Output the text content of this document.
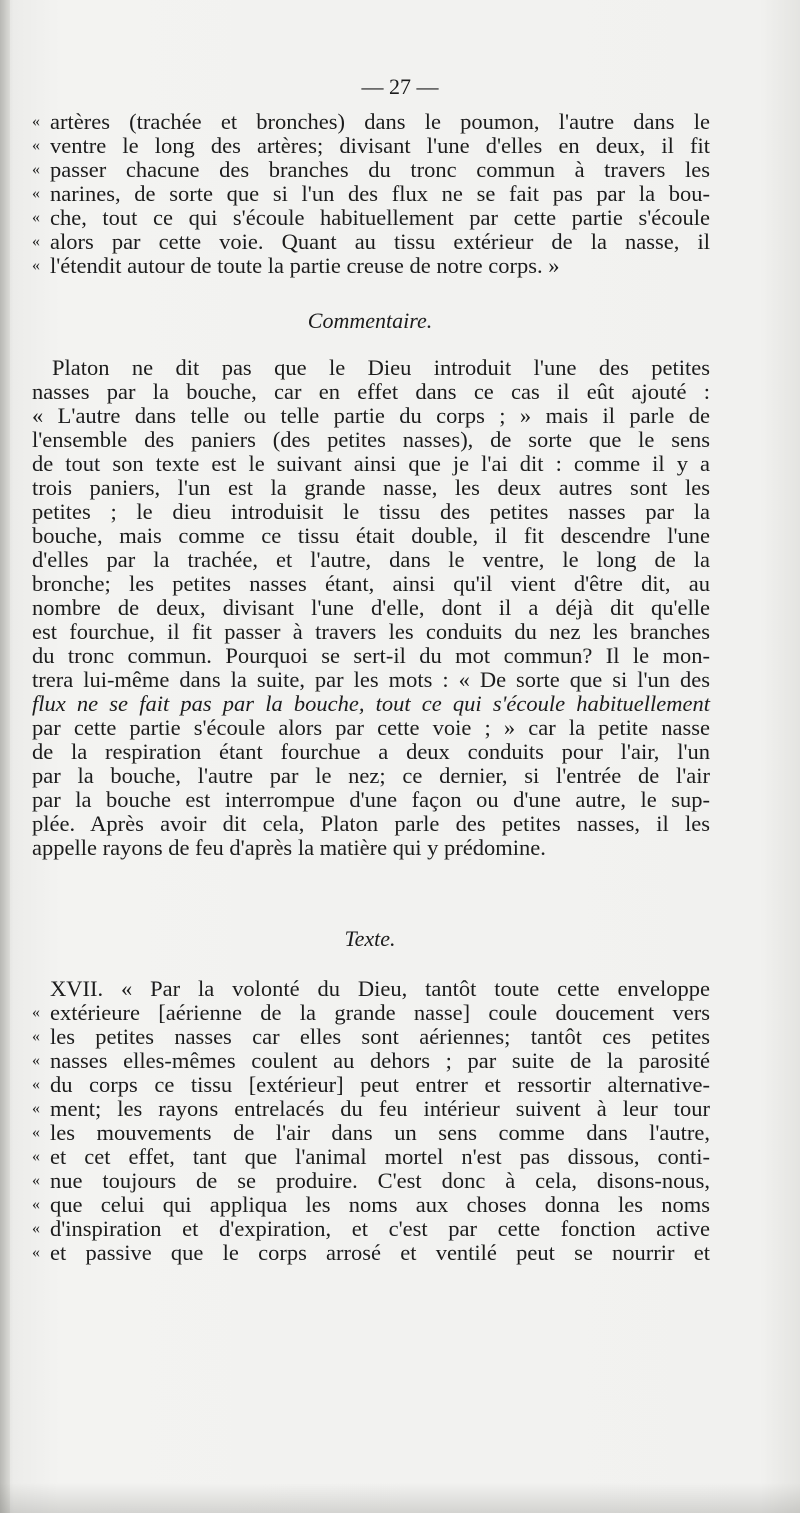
— 27 —
« artères (trachée et bronches) dans le poumon, l'autre dans le
« ventre le long des artères; divisant l'une d'elles en deux, il fit
« passer chacune des branches du tronc commun à travers les
« narines, de sorte que si l'un des flux ne se fait pas par la bou-
« che, tout ce qui s'écoule habituellement par cette partie s'écoule
« alors par cette voie. Quant au tissu extérieur de la nasse, il
« l'étendit autour de toute la partie creuse de notre corps. »
Commentaire.
Platon ne dit pas que le Dieu introduit l'une des petites
nasses par la bouche, car en effet dans ce cas il eût ajouté :
« L'autre dans telle ou telle partie du corps ; » mais il parle de
l'ensemble des paniers (des petites nasses), de sorte que le sens
de tout son texte est le suivant ainsi que je l'ai dit : comme il y a
trois paniers, l'un est la grande nasse, les deux autres sont les
petites ; le dieu introduisit le tissu des petites nasses par la
bouche, mais comme ce tissu était double, il fit descendre l'une
d'elles par la trachée, et l'autre, dans le ventre, le long de la
bronche; les petites nasses étant, ainsi qu'il vient d'être dit, au
nombre de deux, divisant l'une d'elle, dont il a déjà dit qu'elle
est fourchue, il fit passer à travers les conduits du nez les branches
du tronc commun. Pourquoi se sert-il du mot commun? Il le mon-
trera lui-même dans la suite, par les mots : « De sorte que si l'un des
flux ne se fait pas par la bouche, tout ce qui s'écoule habituellement
par cette partie s'écoule alors par cette voie ; » car la petite nasse
de la respiration étant fourchue a deux conduits pour l'air, l'un
par la bouche, l'autre par le nez; ce dernier, si l'entrée de l'air
par la bouche est interrompue d'une façon ou d'une autre, le sup-
plée. Après avoir dit cela, Platon parle des petites nasses, il les
appelle rayons de feu d'après la matière qui y prédomine.
Texte.
XVII. « Par la volonté du Dieu, tantôt toute cette enveloppe
« extérieure [aérienne de la grande nasse] coule doucement vers
« les petites nasses car elles sont aériennes; tantôt ces petites
« nasses elles-mêmes coulent au dehors ; par suite de la parosité
« du corps ce tissu [extérieur] peut entrer et ressortir alternative-
« ment; les rayons entrelacés du feu intérieur suivent à leur tour
« les mouvements de l'air dans un sens comme dans l'autre,
« et cet effet, tant que l'animal mortel n'est pas dissous, conti-
« nue toujours de se produire. C'est donc à cela, disons-nous,
« que celui qui appliqua les noms aux choses donna les noms
« d'inspiration et d'expiration, et c'est par cette fonction active
« et passive que le corps arrosé et ventilé peut se nourrir et
